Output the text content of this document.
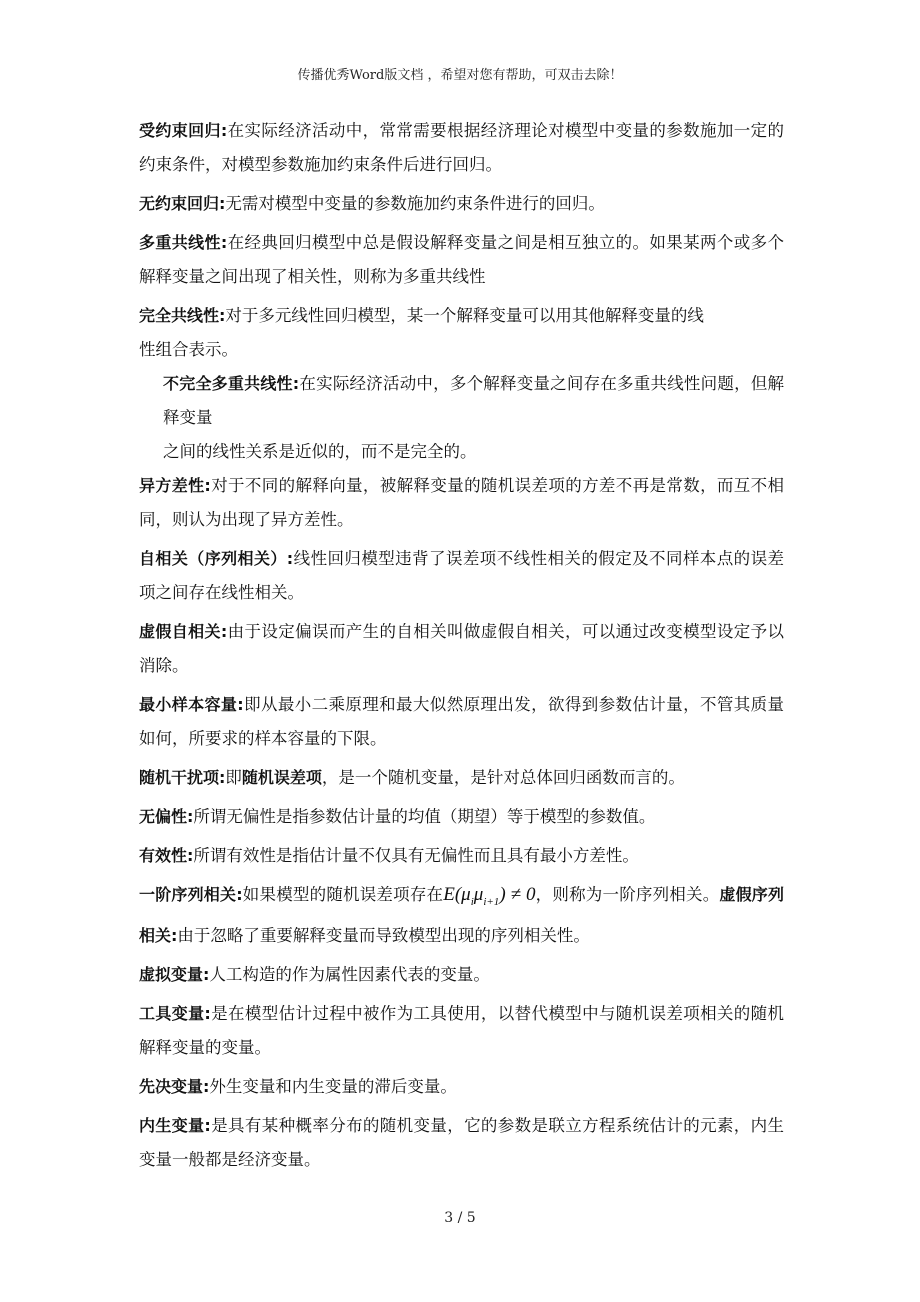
传播优秀Word版文档 ，希望对您有帮助，可双击去除！

受约束回归:在实际经济活动中，常常需要根据经济理论对模型中变量的参数施加一定的约束条件，对模型参数施加约束条件后进行回归。

无约束回归:无需对模型中变量的参数施加约束条件进行的回归。

多重共线性:在经典回归模型中总是假设解释变量之间是相互独立的。如果某两个或多个解释变量之间出现了相关性，则称为多重共线性

完全共线性:对于多元线性回归模型，某一个解释变量可以用其他解释变量的线
性组合表示。

不完全多重共线性:在实际经济活动中，多个解释变量之间存在多重共线性问题，但解释变量
之间的线性关系是近似的，而不是完全的。

异方差性:对于不同的解释向量，被解释变量的随机误差项的方差不再是常数，而互不相同，则认为出现了异方差性。

自相关（序列相关）:线性回归模型违背了误差项不线性相关的假定及不同样本点的误差项之间存在线性相关。

虚假自相关:由于设定偏误而产生的自相关叫做虚假自相关，可以通过改变模型设定予以消除。

最小样本容量:即从最小二乘原理和最大似然原理出发，欲得到参数估计量，不管其质量如何，所要求的样本容量的下限。

随机干扰项:即随机误差项，是一个随机变量，是针对总体回归函数而言的。

无偏性:所谓无偏性是指参数估计量的均值（期望）等于模型的参数值。

有效性:所谓有效性是指估计量不仅具有无偏性而且具有最小方差性。

一阶序列相关:如果模型的随机误差项存在$E(\mu_i\mu_{i+1}) \ne 0$，则称为一阶序列相关。虚假序列相关:由于忽略了重要解释变量而导致模型出现的序列相关性。

虚拟变量:人工构造的作为属性因素代表的变量。

工具变量:是在模型估计过程中被作为工具使用，以替代模型中与随机误差项相关的随机解释变量的变量。

先决变量:外生变量和内生变量的滞后变量。

内生变量:是具有某种概率分布的随机变量，它的参数是联立方程系统估计的元素，内生变量一般都是经济变量。

3 / 5
